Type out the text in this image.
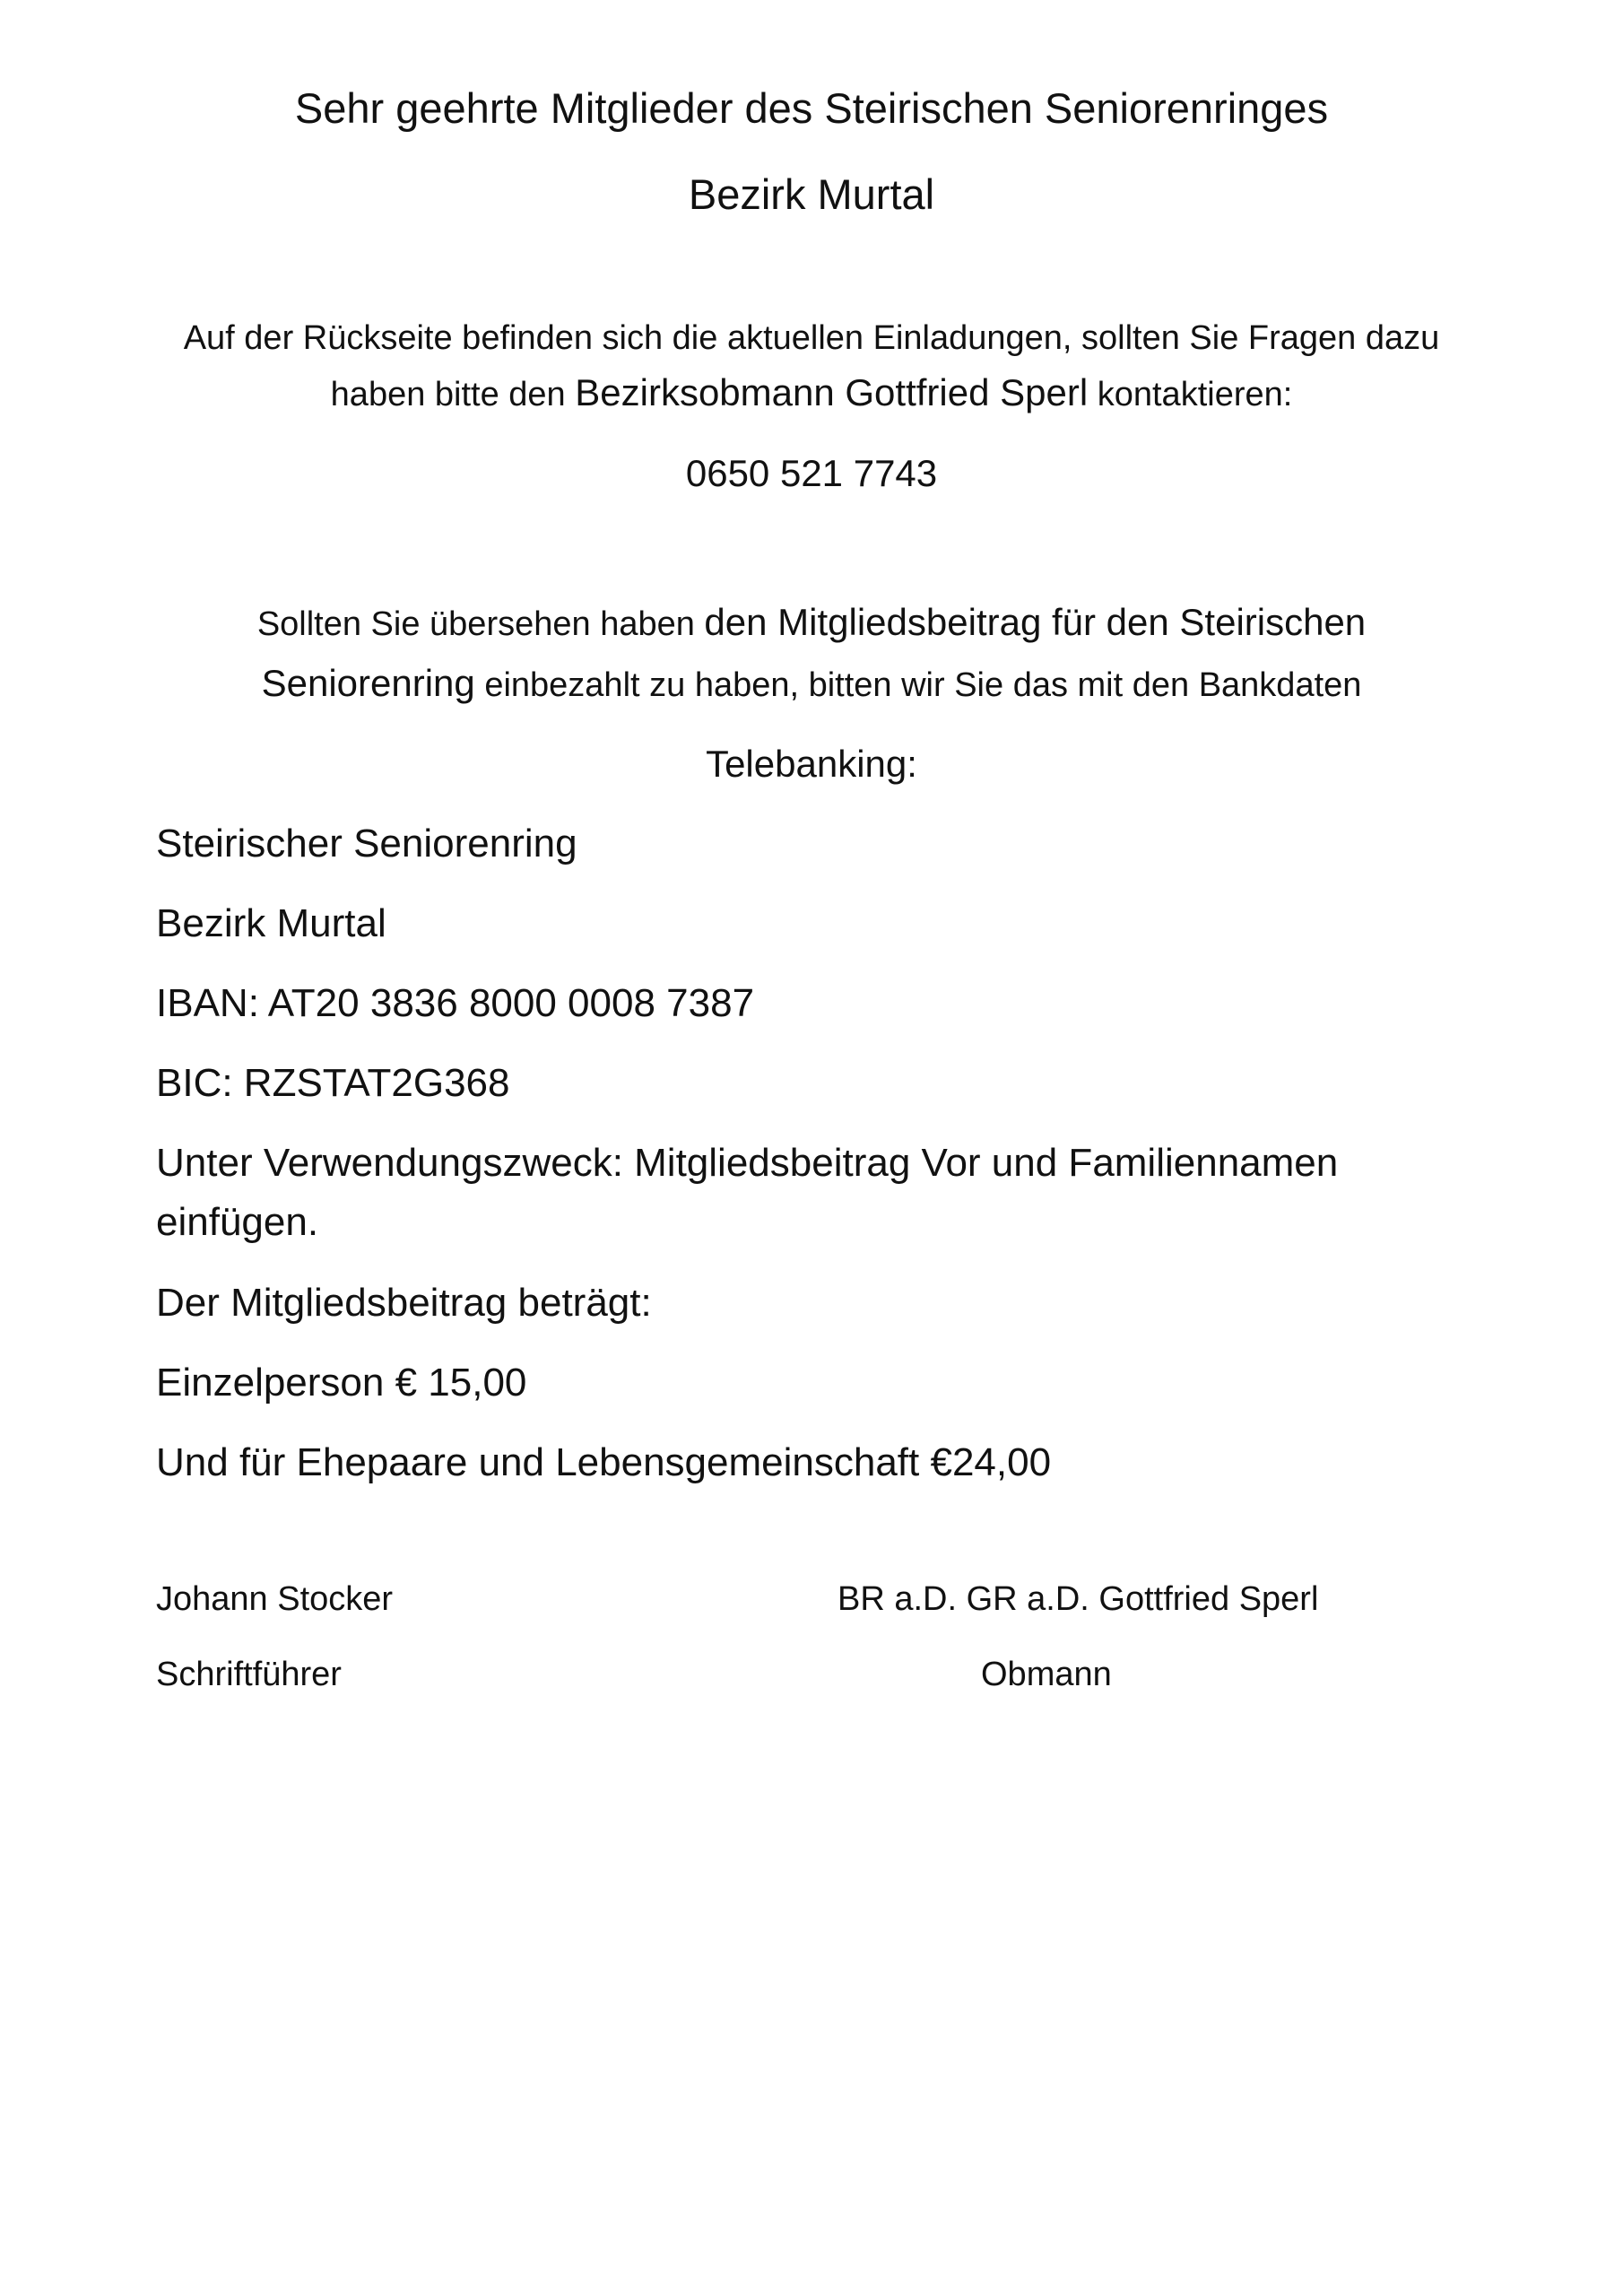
Sehr geehrte Mitglieder des Steirischen Seniorenringes
Bezirk Murtal
Auf der Rückseite befinden sich die aktuellen Einladungen, sollten Sie Fragen dazu
haben bitte den Bezirksobmann Gottfried Sperl kontaktieren:
0650 521 7743
Sollten Sie übersehen haben den Mitgliedsbeitrag für den Steirischen
Seniorenring einbezahlt zu haben, bitten wir Sie das mit den Bankdaten
Telebanking:
Steirischer Seniorenring
Bezirk Murtal
IBAN: AT20 3836 8000 0008 7387
BIC: RZSTAT2G368
Unter Verwendungszweck: Mitgliedsbeitrag Vor und Familiennamen
einfügen.
Der Mitgliedsbeitrag beträgt:
Einzelperson € 15,00
Und für Ehepaare und Lebensgemeinschaft €24,00
Johann Stocker
Schriftführer
BR a.D. GR a.D. Gottfried Sperl
Obmann
